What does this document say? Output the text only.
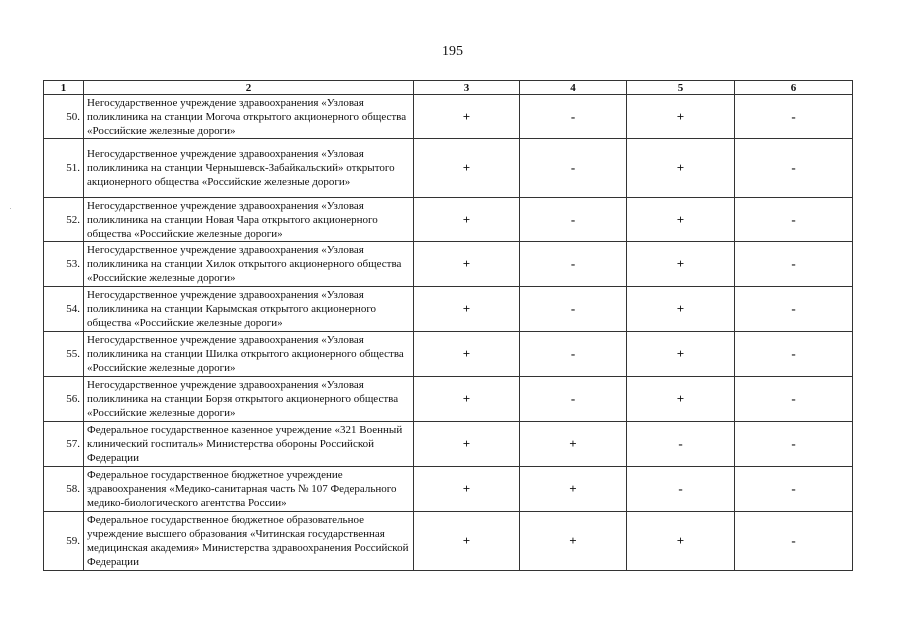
195
1	2	3	4	5	6
50.	Негосударственное учреждение здравоохранения «Узловая поликлиника на станции Могоча открытого акционерного общества «Российские железные дороги»	+	-	+	-
51.	Негосударственное учреждение здравоохранения «Узловая поликлиника на станции Чернышевск-Забайкальский» открытого акционерного общества «Российские железные дороги»	+	-	+	-
52.	Негосударственное учреждение здравоохранения «Узловая поликлиника на станции Новая Чара открытого акционерного общества «Российские железные дороги»	+	-	+	-
53.	Негосударственное учреждение здравоохранения «Узловая поликлиника на станции Хилок открытого акционерного общества «Российские железные дороги»	+	-	+	-
54.	Негосударственное учреждение здравоохранения «Узловая поликлиника на станции Карымская открытого акционерного общества «Российские железные дороги»	+	-	+	-
55.	Негосударственное учреждение здравоохранения «Узловая поликлиника на станции Шилка открытого акционерного общества «Российские железные дороги»	+	-	+	-
56.	Негосударственное учреждение здравоохранения «Узловая поликлиника на станции Борзя открытого акционерного общества «Российские железные дороги»	+	-	+	-
57.	Федеральное государственное казенное учреждение «321 Военный клинический госпиталь» Министерства обороны Российской Федерации	+	+	-	-
58.	Федеральное государственное бюджетное учреждение здравоохранения «Медико-санитарная часть № 107 Федерального медико-биологического агентства России»	+	+	-	-
59.	Федеральное государственное бюджетное образовательное учреждение высшего образования «Читинская государственная медицинская академия» Министерства здравоохранения Российской Федерации	+	+	+	-
